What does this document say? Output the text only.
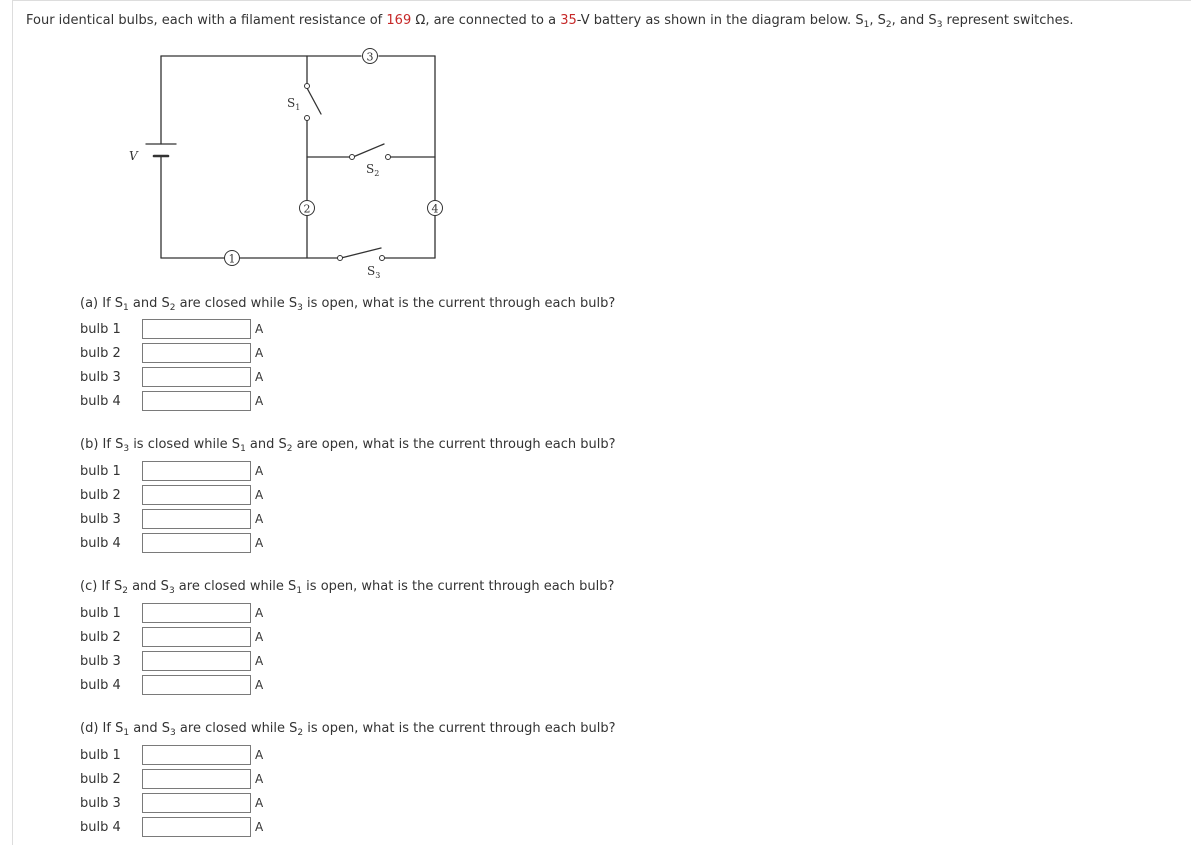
Four identical bulbs, each with a filament resistance of 169 Ω, are connected to a 35-V battery as shown in the diagram below. $S_1$, $S_2$, and $S_3$ represent switches.
1
2
3
4
V
$S_1$
$S_2$
$S_3$
(a) If $S_1$ and $S_2$ are closed while $S_3$ is open, what is the current through each bulb?
bulb 1	A
bulb 2	A
bulb 3	A
bulb 4	A
(b) If $S_3$ is closed while $S_1$ and $S_2$ are open, what is the current through each bulb?
bulb 1	A
bulb 2	A
bulb 3	A
bulb 4	A
(c) If $S_2$ and $S_3$ are closed while $S_1$ is open, what is the current through each bulb?
bulb 1	A
bulb 2	A
bulb 3	A
bulb 4	A
(d) If $S_1$ and $S_3$ are closed while $S_2$ is open, what is the current through each bulb?
bulb 1	A
bulb 2	A
bulb 3	A
bulb 4	A
